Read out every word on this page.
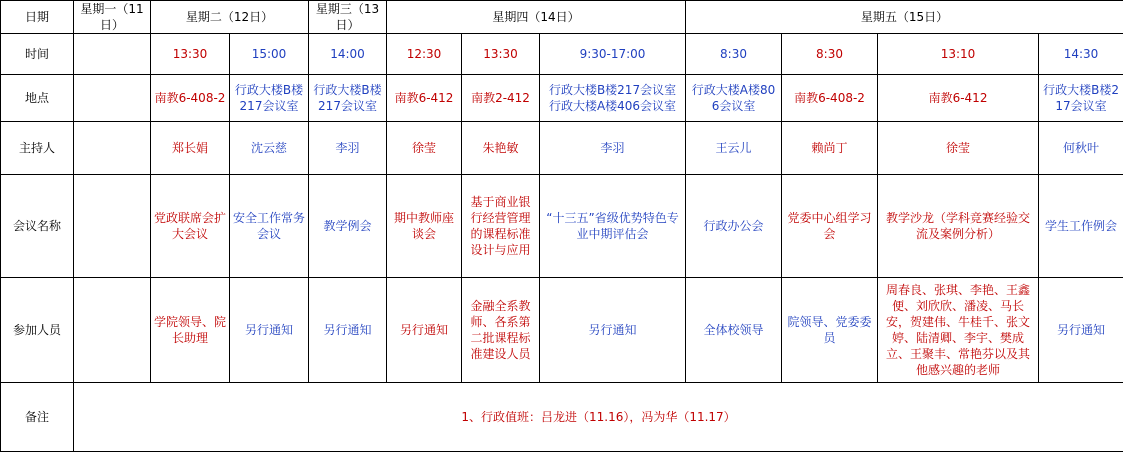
日期	星期一（11日）	星期二（12日）		星期三（13日）	星期四（14日）			星期五（15日）			
时间		13:30	15:00	14:00	12:30	13:30	9:30-17:00	8:30	8:30	13:10	14:30
地点		南教6-408-2	行政大楼B楼217会议室	行政大楼B楼217会议室	南教6-412	南教2-412	行政大楼B楼217会议室行政大楼A楼406会议室	行政大楼A楼806会议室	南教6-408-2	南教6-412	行政大楼B楼217会议室
主持人		郑长娟	沈云慈	李羽	徐莹	朱艳敏	李羽	王云儿	赖尚丁	徐莹	何秋叶
会议名称		党政联席会扩大会议	安全工作常务会议	教学例会	期中教师座谈会	基于商业银行经营管理的课程标准设计与应用	“十三五”省级优势特色专业中期评估会	行政办公会	党委中心组学习会	教学沙龙（学科竞赛经验交流及案例分析）	学生工作例会
参加人员		学院领导、院长助理	另行通知	另行通知	另行通知	金融全系教师、各系第二批课程标准建设人员	另行通知	全体校领导	院领导、党委委员	周春良、张琪、李艳、王鑫便、刘欣欣、潘凌、马长安，贺建伟、牛桂千、张文婷、陆清卿、李宇、樊成立、王聚丰、常艳芬以及其他感兴趣的老师	另行通知
备注	1、行政值班：吕龙进（11.16），冯为华（11.17）										
